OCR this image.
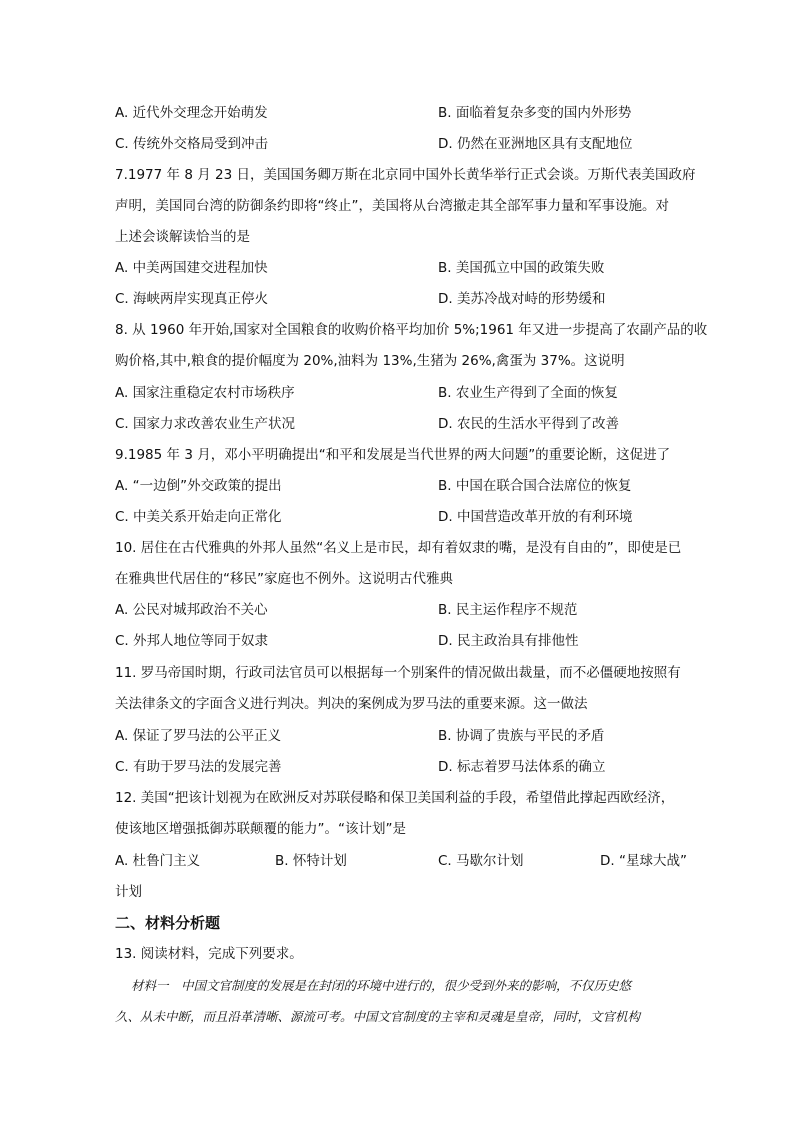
A. 近代外交理念开始萌发	B. 面临着复杂多变的国内外形势
C. 传统外交格局受到冲击	D. 仍然在亚洲地区具有支配地位
7.1977 年 8 月 23 日，美国国务卿万斯在北京同中国外长黄华举行正式会谈。万斯代表美国政府
声明，美国同台湾的防御条约即将“终止”，美国将从台湾撤走其全部军事力量和军事设施。对
上述会谈解读恰当的是
A. 中美两国建交进程加快	B. 美国孤立中国的政策失败
C. 海峡两岸实现真正停火	D. 美苏冷战对峙的形势缓和
8. 从 1960 年开始,国家对全国粮食的收购价格平均加价 5%;1961 年又进一步提高了农副产品的收
购价格,其中,粮食的提价幅度为 20%,油料为 13%,生猪为 26%,禽蛋为 37%。这说明
A. 国家注重稳定农村市场秩序	B. 农业生产得到了全面的恢复
C. 国家力求改善农业生产状况	D. 农民的生活水平得到了改善
9.1985 年 3 月，邓小平明确提出“和平和发展是当代世界的两大问题”的重要论断，这促进了
A. “一边倒”外交政策的提出	B. 中国在联合国合法席位的恢复
C. 中美关系开始走向正常化	D. 中国营造改革开放的有利环境
10. 居住在古代雅典的外邦人虽然“名义上是市民，却有着奴隶的嘴，是没有自由的”，即使是已
在雅典世代居住的“移民”家庭也不例外。这说明古代雅典
A. 公民对城邦政治不关心	B. 民主运作程序不规范
C. 外邦人地位等同于奴隶	D. 民主政治具有排他性
11. 罗马帝国时期，行政司法官员可以根据每一个别案件的情况做出裁量，而不必僵硬地按照有
关法律条文的字面含义进行判决。判决的案例成为罗马法的重要来源。这一做法
A. 保证了罗马法的公平正义	B. 协调了贵族与平民的矛盾
C. 有助于罗马法的发展完善	D. 标志着罗马法体系的确立
12. 美国“把该计划视为在欧洲反对苏联侵略和保卫美国利益的手段，希望借此撑起西欧经济，
使该地区增强抵御苏联颠覆的能力”。“该计划”是
A. 杜鲁门主义	B. 怀特计划	C. 马歇尔计划	D. “星球大战”
计划
二、材料分析题
13. 阅读材料，完成下列要求。
材料一　中国文官制度的发展是在封闭的环境中进行的，很少受到外来的影响，不仅历史悠
久、从未中断，而且沿革清晰、源流可考。中国文官制度的主宰和灵魂是皇帝，同时，文官机构
